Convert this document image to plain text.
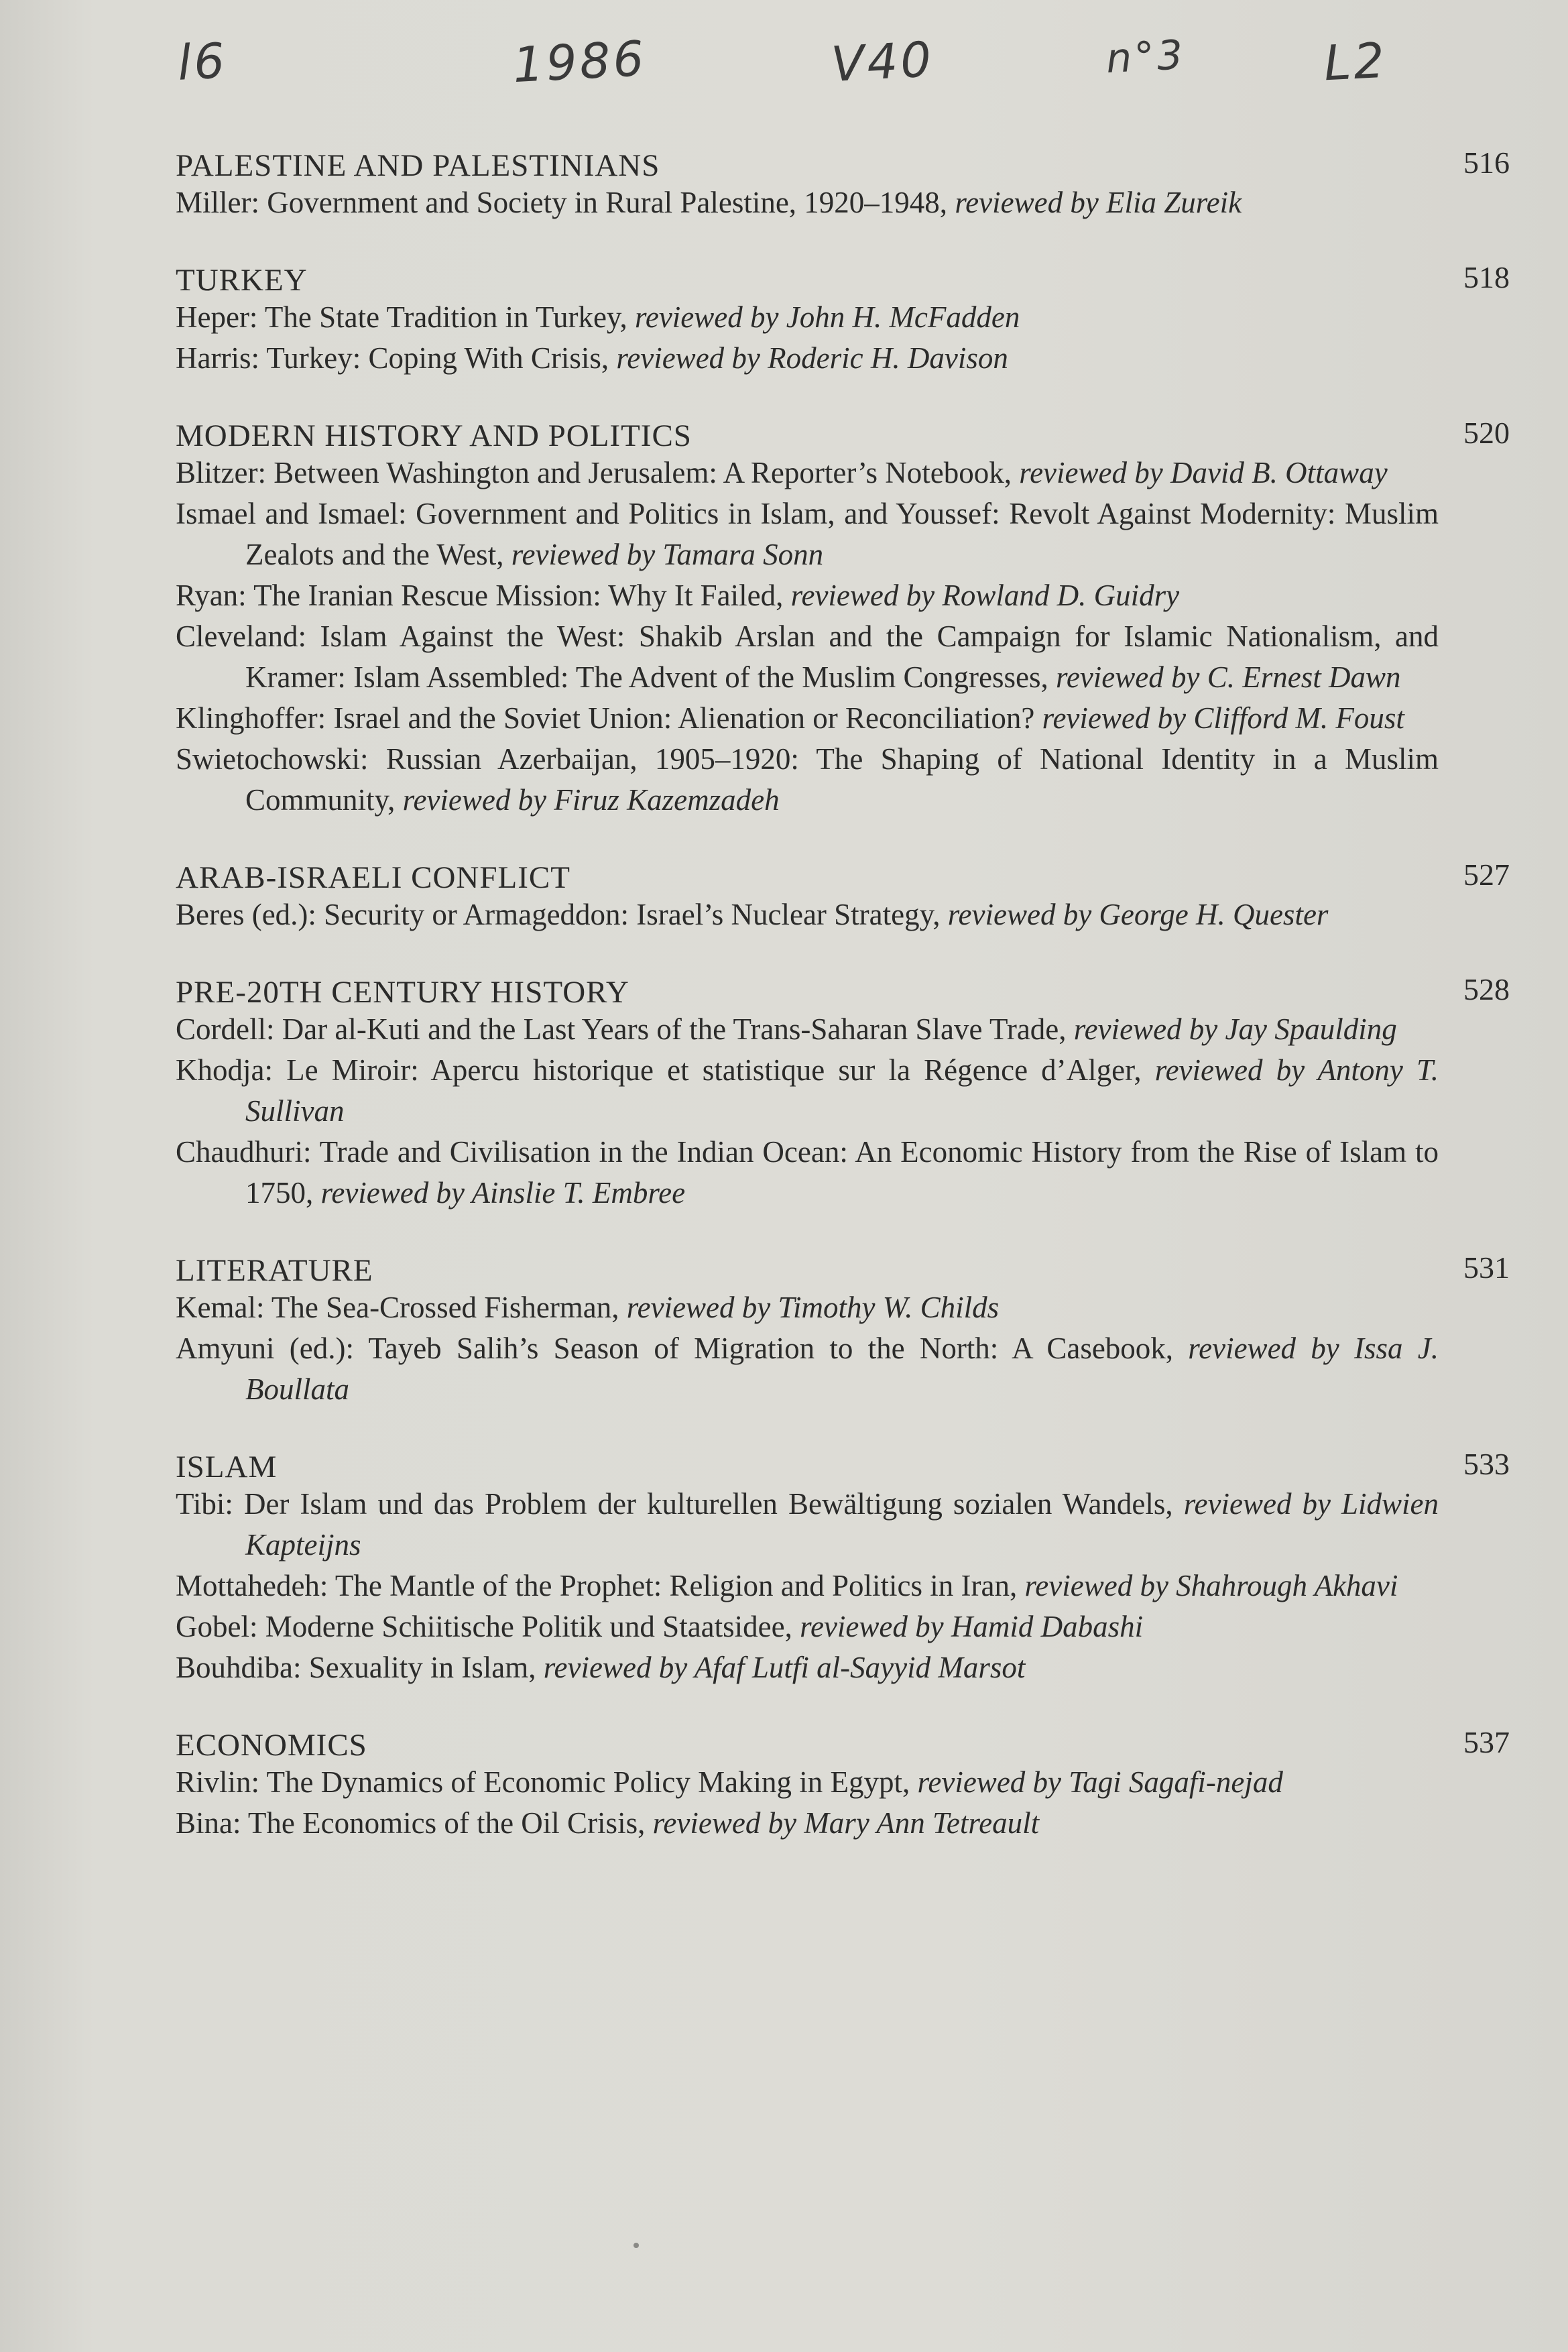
l6	1986	V40	n°3	L2
PALESTINE AND PALESTINIANS	516
Miller: Government and Society in Rural Palestine, 1920–1948, reviewed by Elia Zureik
TURKEY	518
Heper: The State Tradition in Turkey, reviewed by John H. McFadden
Harris: Turkey: Coping With Crisis, reviewed by Roderic H. Davison
MODERN HISTORY AND POLITICS	520
Blitzer: Between Washington and Jerusalem: A Reporter’s Notebook, reviewed by David B. Ottaway
Ismael and Ismael: Government and Politics in Islam, and Youssef: Revolt Against Modernity: Muslim Zealots and the West, reviewed by Tamara Sonn
Ryan: The Iranian Rescue Mission: Why It Failed, reviewed by Rowland D. Guidry
Cleveland: Islam Against the West: Shakib Arslan and the Campaign for Islamic Nationalism, and Kramer: Islam Assembled: The Advent of the Muslim Congresses, reviewed by C. Ernest Dawn
Klinghoffer: Israel and the Soviet Union: Alienation or Reconciliation? reviewed by Clifford M. Foust
Swietochowski: Russian Azerbaijan, 1905–1920: The Shaping of National Identity in a Muslim Community, reviewed by Firuz Kazemzadeh
ARAB-ISRAELI CONFLICT	527
Beres (ed.): Security or Armageddon: Israel’s Nuclear Strategy, reviewed by George H. Quester
PRE-20TH CENTURY HISTORY	528
Cordell: Dar al-Kuti and the Last Years of the Trans-Saharan Slave Trade, reviewed by Jay Spaulding
Khodja: Le Miroir: Apercu historique et statistique sur la Régence d’Alger, reviewed by Antony T. Sullivan
Chaudhuri: Trade and Civilisation in the Indian Ocean: An Economic History from the Rise of Islam to 1750, reviewed by Ainslie T. Embree
LITERATURE	531
Kemal: The Sea-Crossed Fisherman, reviewed by Timothy W. Childs
Amyuni (ed.): Tayeb Salih’s Season of Migration to the North: A Casebook, reviewed by Issa J. Boullata
ISLAM	533
Tibi: Der Islam und das Problem der kulturellen Bewältigung sozialen Wandels, reviewed by Lidwien Kapteijns
Mottahedeh: The Mantle of the Prophet: Religion and Politics in Iran, reviewed by Shahrough Akhavi
Gobel: Moderne Schiitische Politik und Staatsidee, reviewed by Hamid Dabashi
Bouhdiba: Sexuality in Islam, reviewed by Afaf Lutfi al-Sayyid Marsot
ECONOMICS	537
Rivlin: The Dynamics of Economic Policy Making in Egypt, reviewed by Tagi Sagafi-nejad
Bina: The Economics of the Oil Crisis, reviewed by Mary Ann Tetreault
